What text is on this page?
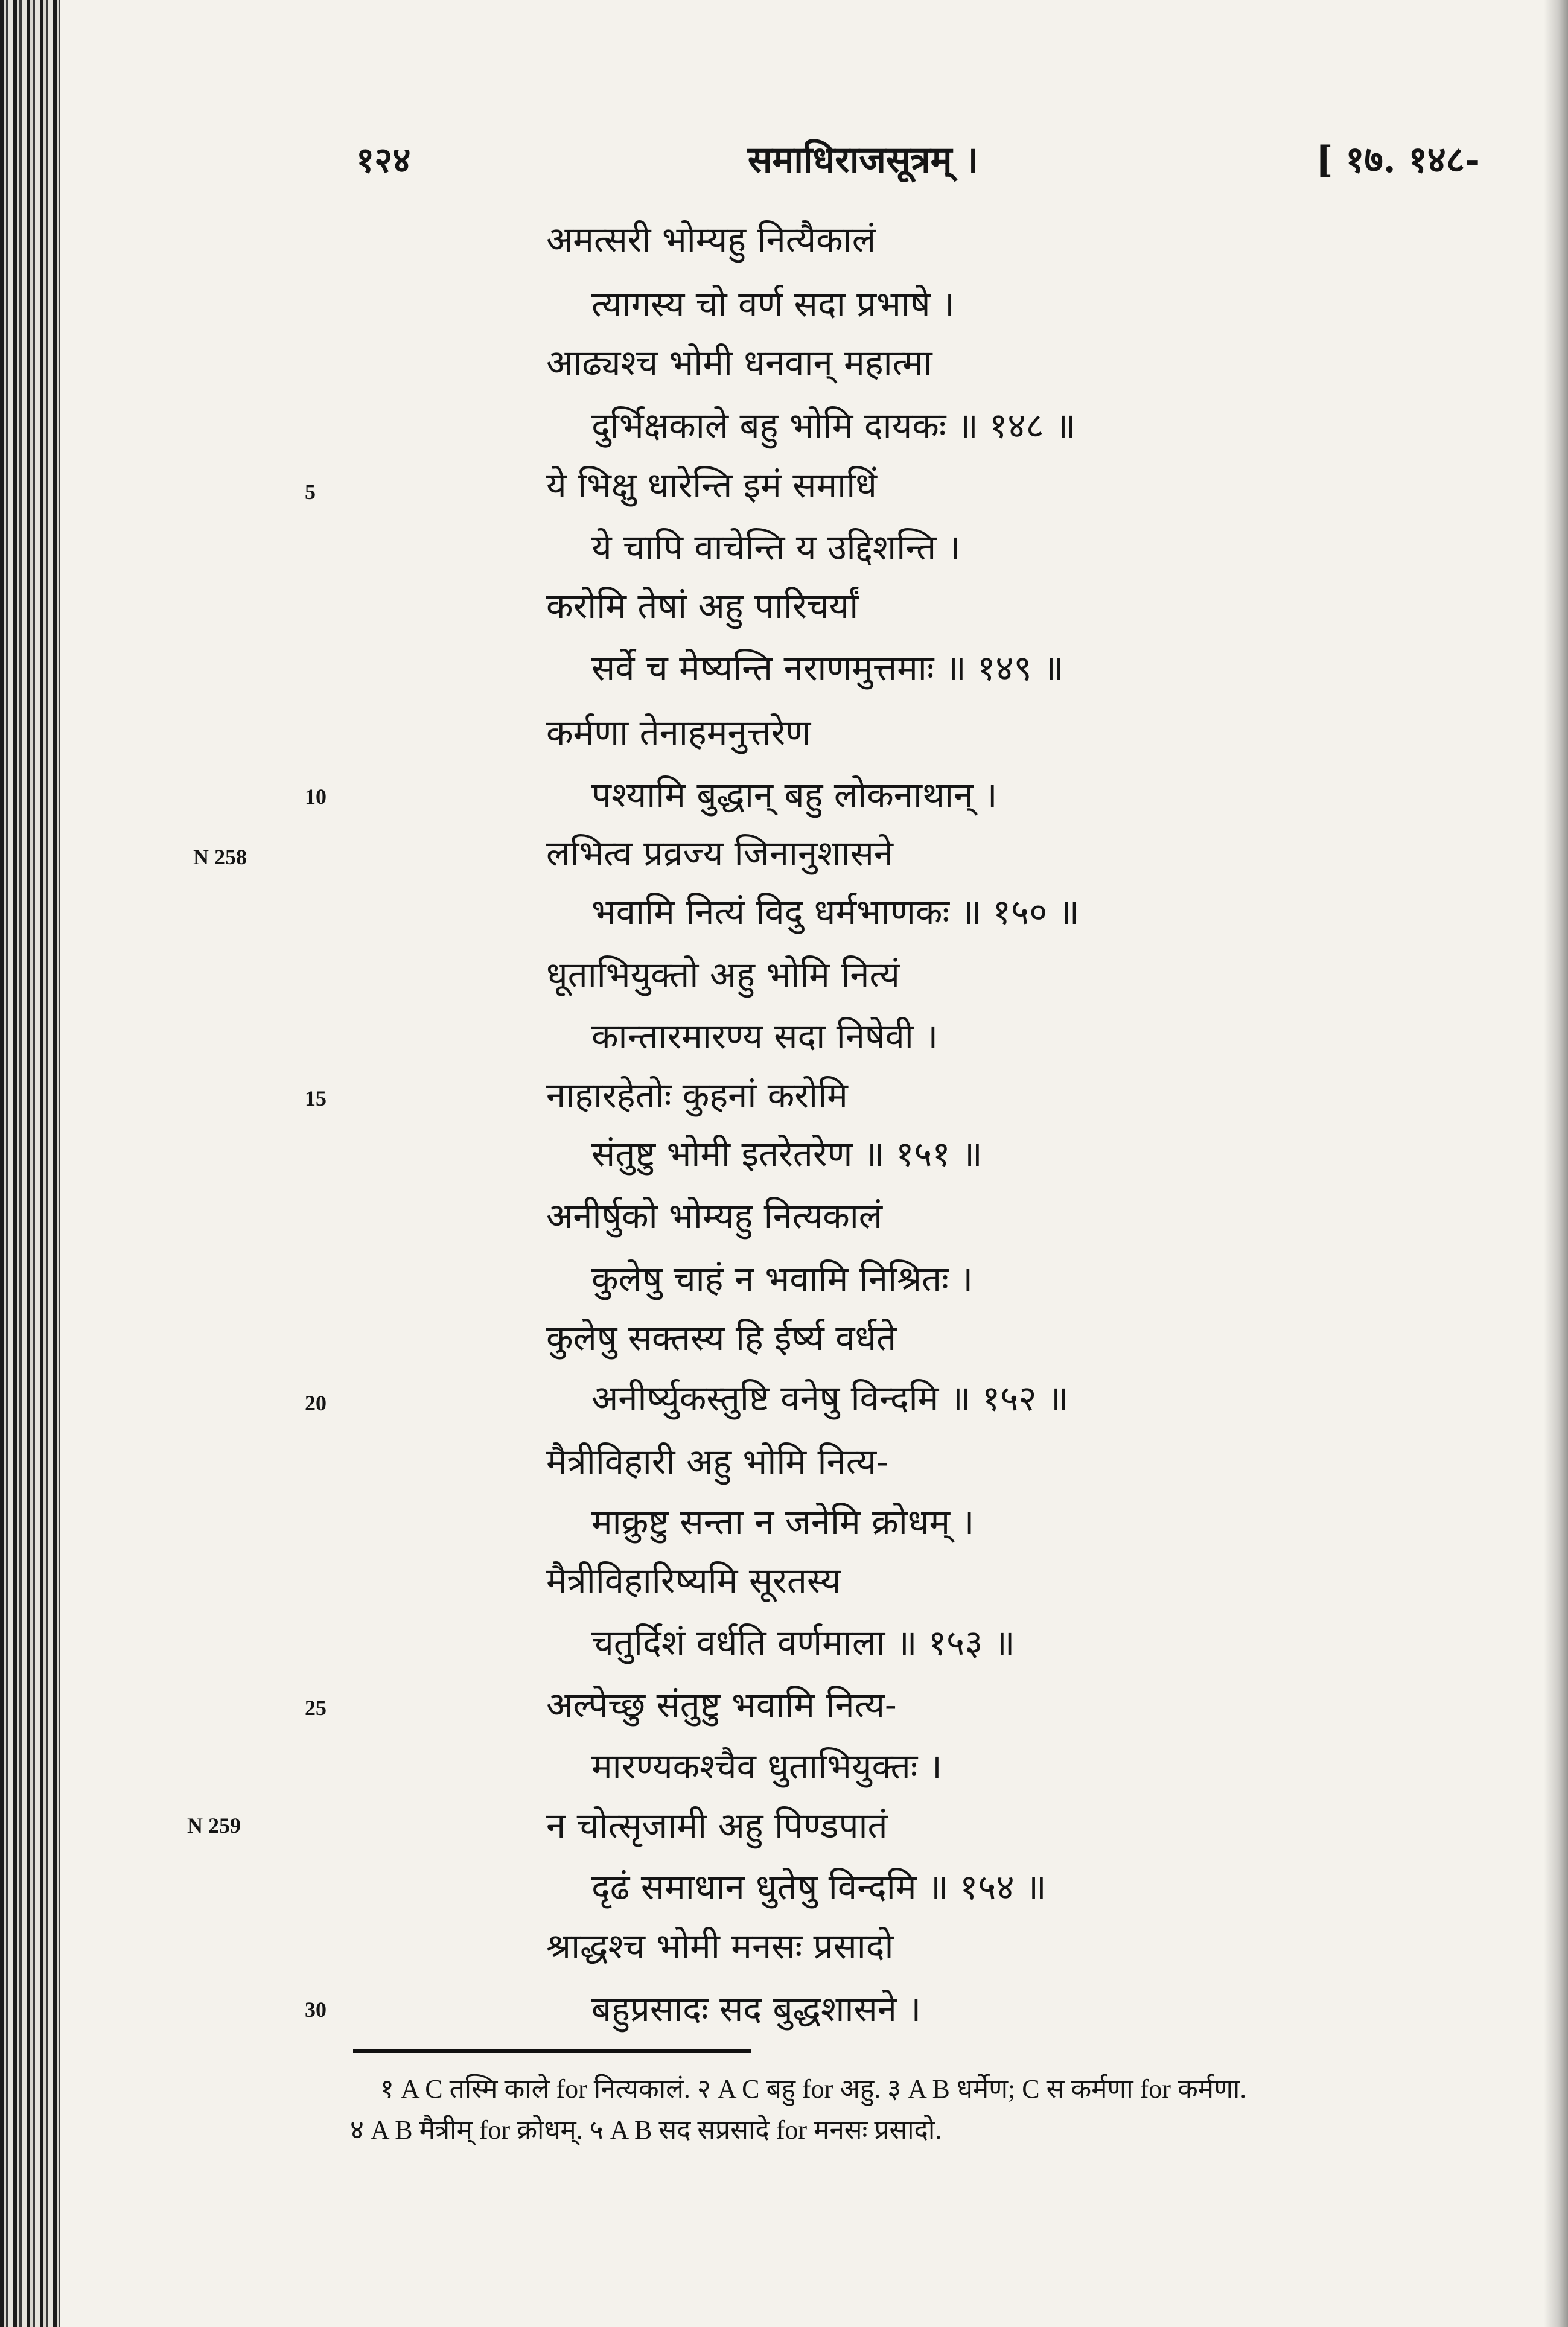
१२४	समाधिराजसूत्रम् ।	[ १७. १४८-
अमत्सरी भोम्यहु नित्यैकालं
त्यागस्य चो वर्ण सदा प्रभाषे ।
आढ्यश्च भोमी धनवान् महात्मा
दुर्भिक्षकाले बहु भोमि दायकः ॥ १४८ ॥
ये भिक्षु धारेन्ति इमं समाधिं
ये चापि वाचेन्ति य उद्दिशन्ति ।
करोमि तेषां अहु पारिचर्यां
सर्वे च मेष्यन्ति नराणमुत्तमाः ॥ १४९ ॥
कर्मणा तेनाहमनुत्तरेण
पश्यामि बुद्धान् बहु लोकनाथान् ।
लभित्व प्रव्रज्य जिनानुशासने
भवामि नित्यं विदु धर्मभाणकः ॥ १५० ॥
धूताभियुक्तो अहु भोमि नित्यं
कान्तारमारण्य सदा निषेवी ।
नाहारहेतोः कुहनां करोमि
संतुष्टु भोमी इतरेतरेण ॥ १५१ ॥
अनीर्षुको भोम्यहु नित्यकालं
कुलेषु चाहं न भवामि निश्रितः ।
कुलेषु सक्तस्य हि ईर्ष्य वर्धते
अनीर्ष्युकस्तुष्टि वनेषु विन्दमि ॥ १५२ ॥
मैत्रीविहारी अहु भोमि नित्य-
माक्रुष्टु सन्ता न जनेमि क्रोधम् ।
मैत्रीविहारिष्यमि सूरतस्य
चतुर्दिशं वर्धति वर्णमाला ॥ १५३ ॥
अल्पेच्छु संतुष्टु भवामि नित्य-
मारण्यकश्चैव धुताभियुक्तः ।
न चोत्सृजामी अहु पिण्डपातं
दृढं समाधान धुतेषु विन्दमि ॥ १५४ ॥
श्राद्धश्च भोमी मनसः प्रसादो
बहुप्रसादः सद बुद्धशासने ।
5
10
15
20
25
30
N 258
N 259
१ A C तस्मि काले for नित्यकालं. २ A C बहु for अहु. ३ A B धर्मेण; C स कर्मणा for कर्मणा.
४ A B मैत्रीम् for क्रोधम्. ५ A B सद सप्रसादे for मनसः प्रसादो.
